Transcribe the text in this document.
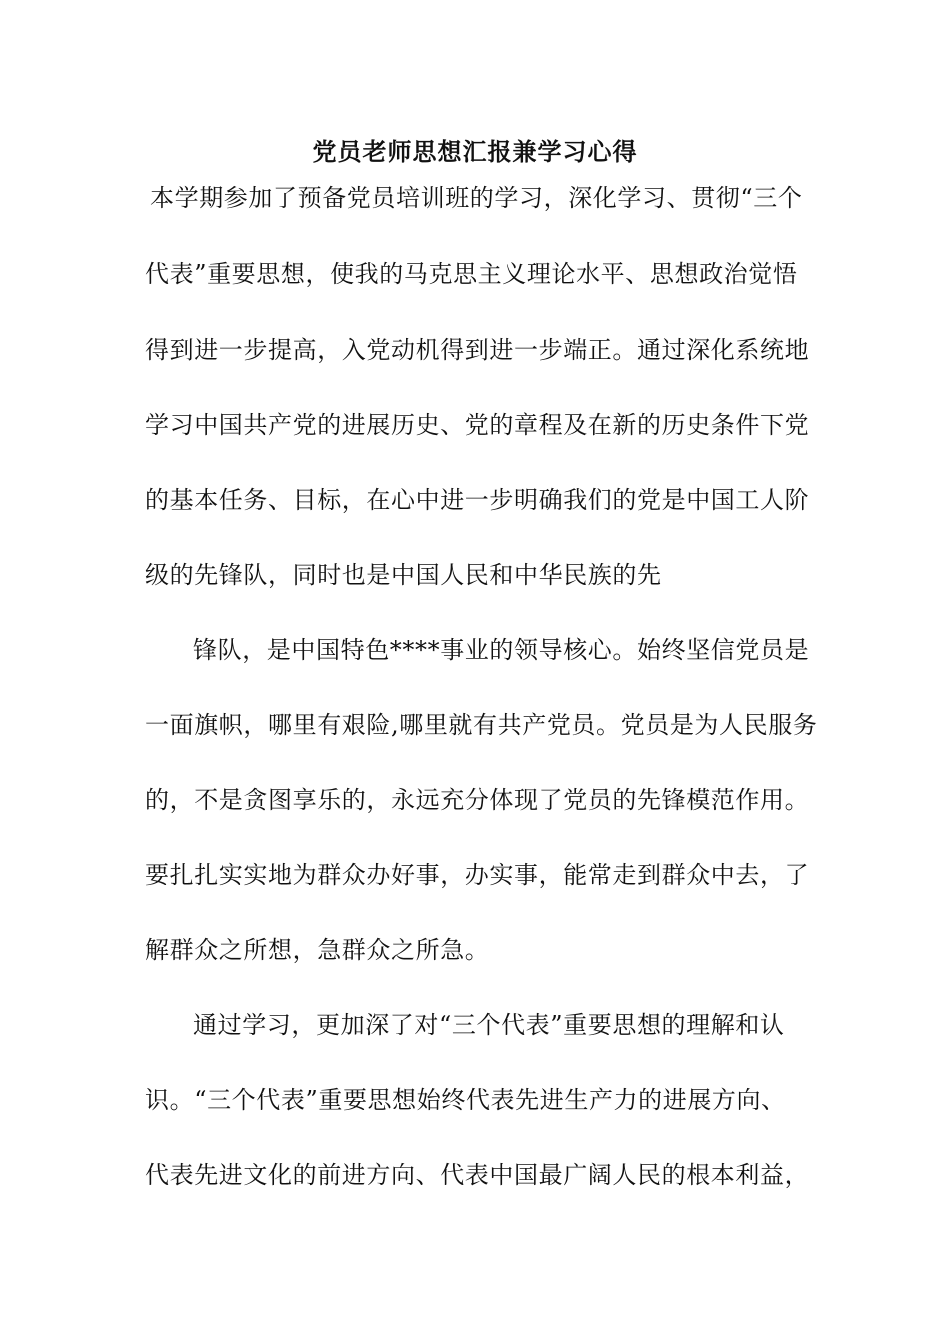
党员老师思想汇报兼学习心得
本学期参加了预备党员培训班的学习，深化学习、贯彻“三个
代表”重要思想，使我的马克思主义理论水平、思想政治觉悟
得到进一步提高，入党动机得到进一步端正。通过深化系统地
学习中国共产党的进展历史、党的章程及在新的历史条件下党
的基本任务、目标，在心中进一步明确我们的党是中国工人阶
级的先锋队，同时也是中国人民和中华民族的先
锋队，是中国特色****事业的领导核心。始终坚信党员是
一面旗帜，哪里有艰险,哪里就有共产党员。党员是为人民服务
的，不是贪图享乐的，永远充分体现了党员的先锋模范作用。
要扎扎实实地为群众办好事，办实事，能常走到群众中去，了
解群众之所想，急群众之所急。
通过学习，更加深了对“三个代表”重要思想的理解和认
识。“三个代表”重要思想始终代表先进生产力的进展方向、
代表先进文化的前进方向、代表中国最广阔人民的根本利益，
